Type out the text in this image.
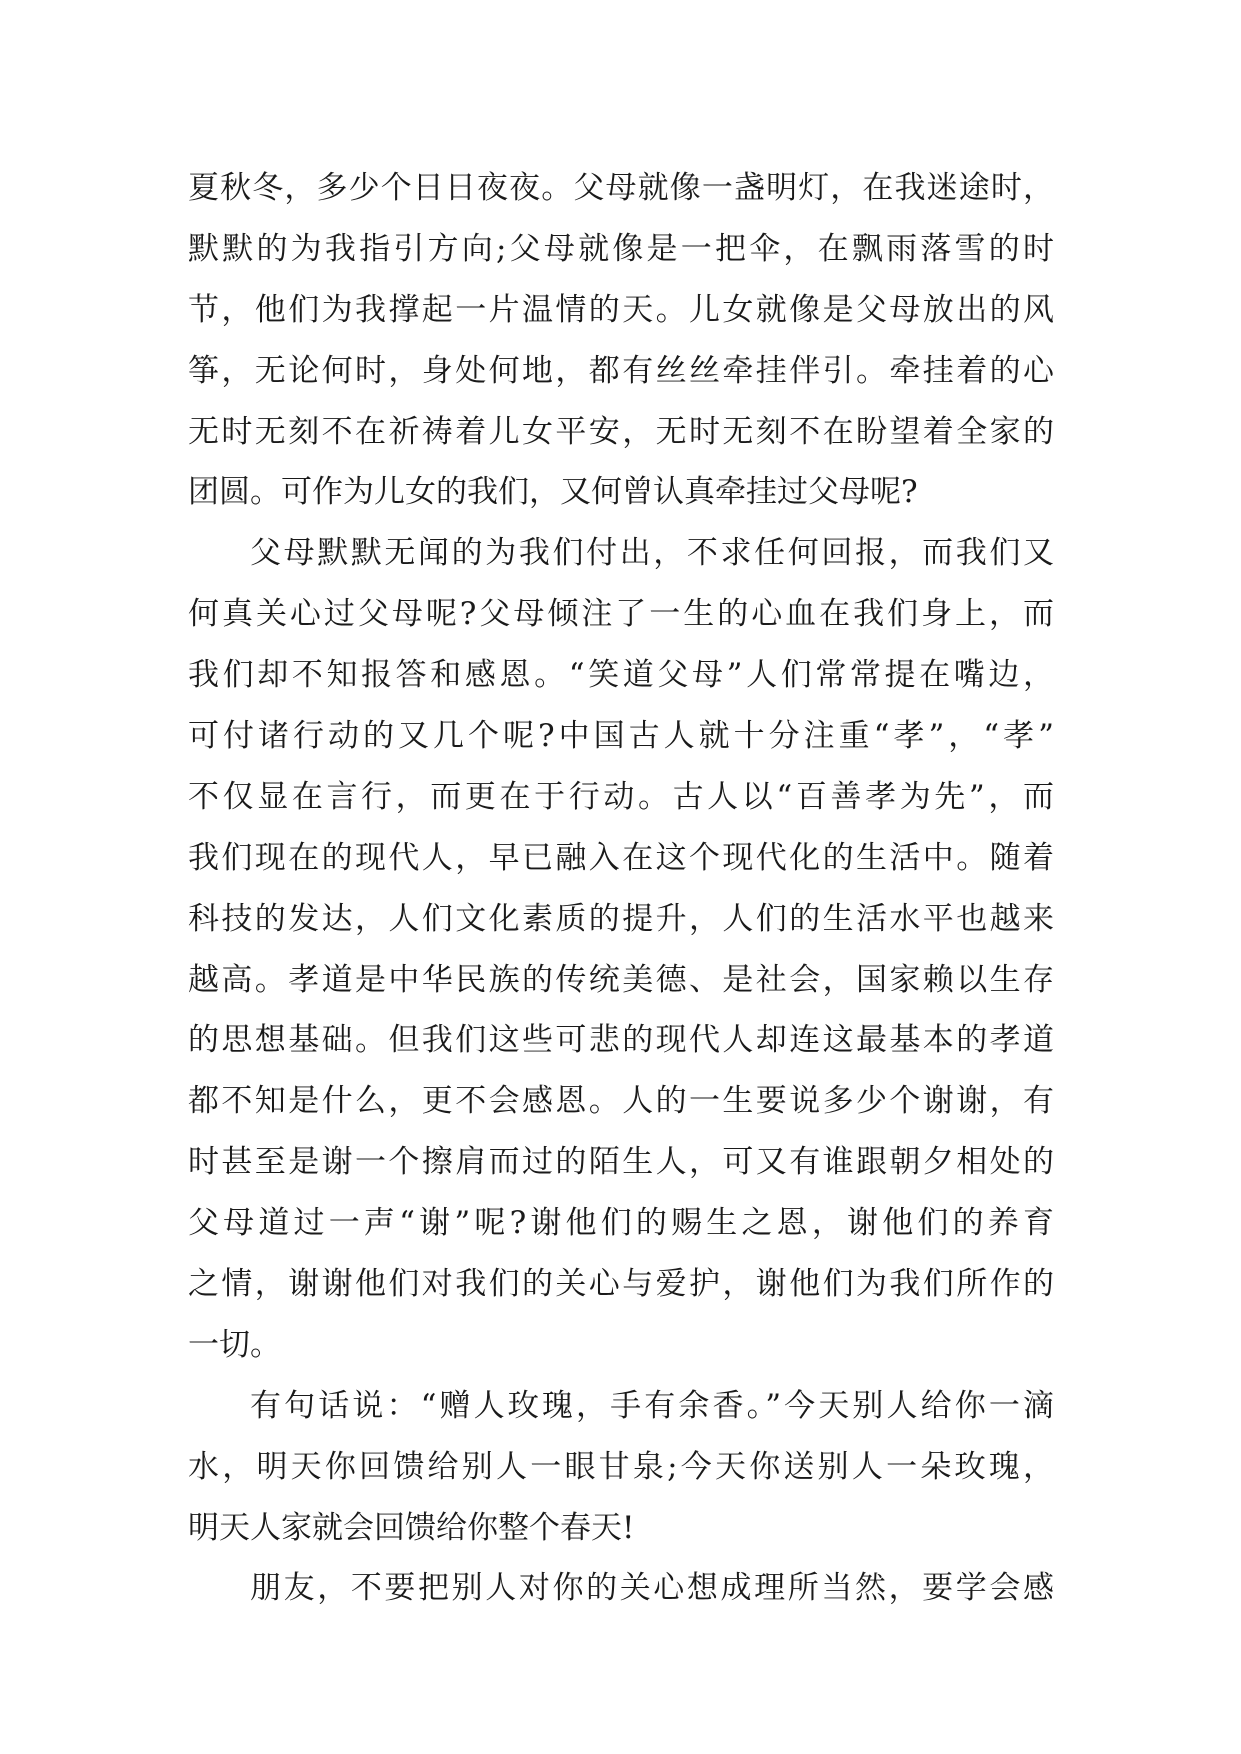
夏秋冬，多少个日日夜夜。父母就像一盏明灯，在我迷途时，
默默的为我指引方向;父母就像是一把伞，在飘雨落雪的时
节，他们为我撑起一片温情的天。儿女就像是父母放出的风
筝，无论何时，身处何地，都有丝丝牵挂伴引。牵挂着的心
无时无刻不在祈祷着儿女平安，无时无刻不在盼望着全家的
团圆。可作为儿女的我们，又何曾认真牵挂过父母呢?
父母默默无闻的为我们付出，不求任何回报，而我们又
何真关心过父母呢?父母倾注了一生的心血在我们身上，而
我们却不知报答和感恩。“笑道父母”人们常常提在嘴边，
可付诸行动的又几个呢?中国古人就十分注重“孝”，“孝”
不仅显在言行，而更在于行动。古人以“百善孝为先”，而
我们现在的现代人，早已融入在这个现代化的生活中。随着
科技的发达，人们文化素质的提升，人们的生活水平也越来
越高。孝道是中华民族的传统美德、是社会，国家赖以生存
的思想基础。但我们这些可悲的现代人却连这最基本的孝道
都不知是什么，更不会感恩。人的一生要说多少个谢谢，有
时甚至是谢一个擦肩而过的陌生人，可又有谁跟朝夕相处的
父母道过一声“谢”呢?谢他们的赐生之恩，谢他们的养育
之情，谢谢他们对我们的关心与爱护，谢他们为我们所作的
一切。
有句话说：“赠人玫瑰，手有余香。”今天别人给你一滴
水，明天你回馈给别人一眼甘泉;今天你送别人一朵玫瑰，
明天人家就会回馈给你整个春天!
朋友，不要把别人对你的关心想成理所当然，要学会感
